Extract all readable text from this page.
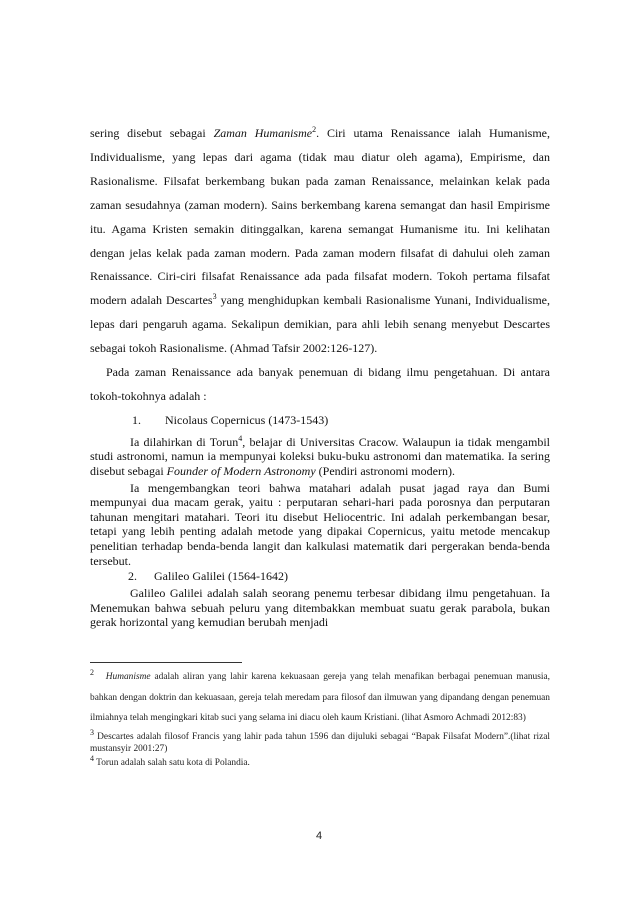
sering disebut sebagai Zaman Humanisme$^2$. Ciri utama Renaissance ialah Humanisme, Individualisme, yang lepas dari agama (tidak mau diatur oleh agama), Empirisme, dan Rasionalisme. Filsafat berkembang bukan pada zaman Renaissance, melainkan kelak pada zaman sesudahnya (zaman modern). Sains berkembang karena semangat dan hasil Empirisme itu. Agama Kristen semakin ditinggalkan, karena semangat Humanisme itu. Ini kelihatan dengan jelas kelak pada zaman modern. Pada zaman modern filsafat di dahului oleh zaman Renaissance. Ciri-ciri filsafat Renaissance ada pada filsafat modern. Tokoh pertama filsafat modern adalah Descartes$^3$ yang menghidupkan kembali Rasionalisme Yunani, Individualisme, lepas dari pengaruh agama. Sekalipun demikian, para ahli lebih senang menyebut Descartes sebagai tokoh Rasionalisme. (Ahmad Tafsir 2002:126-127).

Pada zaman Renaissance ada banyak penemuan di bidang ilmu pengetahuan. Di antara tokoh-tokohnya adalah :

1. Nicolaus Copernicus (1473-1543)

Ia dilahirkan di Torun$^4$, belajar di Universitas Cracow. Walaupun ia tidak mengambil studi astronomi, namun ia mempunyai koleksi buku-buku astronomi dan matematika. Ia sering disebut sebagai Founder of Modern Astronomy (Pendiri astronomi modern).

Ia mengembangkan teori bahwa matahari adalah pusat jagad raya dan Bumi mempunyai dua macam gerak, yaitu : perputaran sehari-hari pada porosnya dan perputaran tahunan mengitari matahari. Teori itu disebut Heliocentric. Ini adalah perkembangan besar, tetapi yang lebih penting adalah metode yang dipakai Copernicus, yaitu metode mencakup penelitian terhadap benda-benda langit dan kalkulasi matematik dari pergerakan benda-benda tersebut.

2. Galileo Galilei (1564-1642)

Galileo Galilei adalah salah seorang penemu terbesar dibidang ilmu pengetahuan. Ia Menemukan bahwa sebuah peluru yang ditembakkan membuat suatu gerak parabola, bukan gerak horizontal yang kemudian berubah menjadi

$^2$ Humanisme adalah aliran yang lahir karena kekuasaan gereja yang telah menafikan berbagai penemuan manusia, bahkan dengan doktrin dan kekuasaan, gereja telah meredam para filosof dan ilmuwan yang dipandang dengan penemuan ilmiahnya telah mengingkari kitab suci yang selama ini diacu oleh kaum Kristiani. (lihat Asmoro Achmadi 2012:83)

$^3$ Descartes adalah filosof Francis yang lahir pada tahun 1596 dan dijuluki sebagai “Bapak Filsafat Modern”.(lihat rizal mustansyir 2001:27)

$^4$ Torun adalah salah satu kota di Polandia.

4
